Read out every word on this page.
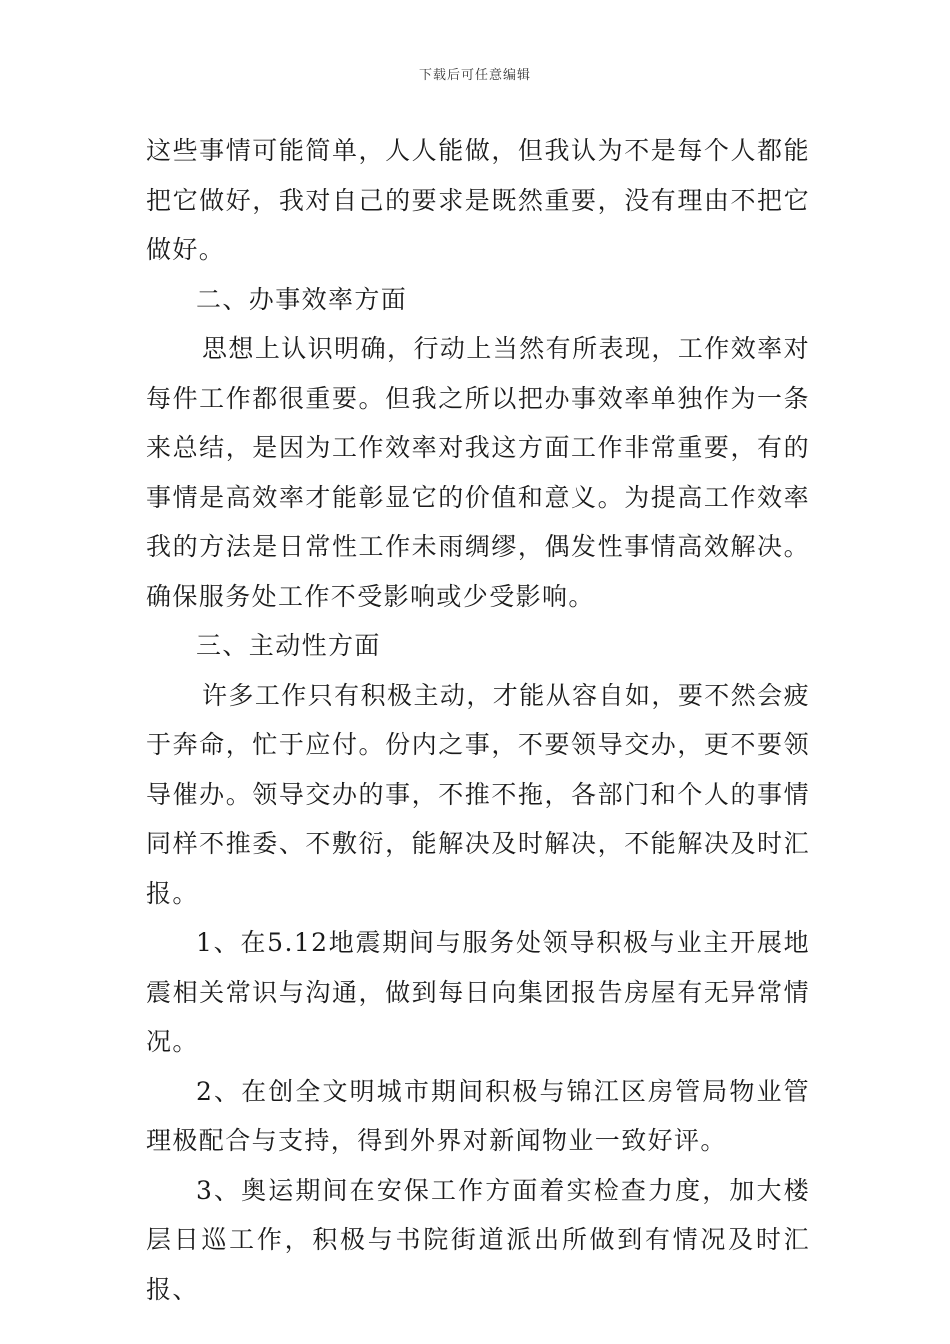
下载后可任意编辑

这些事情可能简单，人人能做，但我认为不是每个人都能把它做好，我对自己的要求是既然重要，没有理由不把它做好。

二、办事效率方面

思想上认识明确，行动上当然有所表现，工作效率对每件工作都很重要。但我之所以把办事效率单独作为一条来总结，是因为工作效率对我这方面工作非常重要，有的事情是高效率才能彰显它的价值和意义。为提高工作效率我的方法是日常性工作未雨绸缪，偶发性事情高效解决。确保服务处工作不受影响或少受影响。

三、主动性方面

许多工作只有积极主动，才能从容自如，要不然会疲于奔命，忙于应付。份内之事，不要领导交办，更不要领导催办。领导交办的事，不推不拖，各部门和个人的事情同样不推委、不敷衍，能解决及时解决，不能解决及时汇报。

1、在5.12地震期间与服务处领导积极与业主开展地震相关常识与沟通，做到每日向集团报告房屋有无异常情况。

2、在创全文明城市期间积极与锦江区房管局物业管理极配合与支持，得到外界对新闻物业一致好评。

3、奥运期间在安保工作方面着实检查力度，加大楼层日巡工作，积极与书院街道派出所做到有情况及时汇报、
